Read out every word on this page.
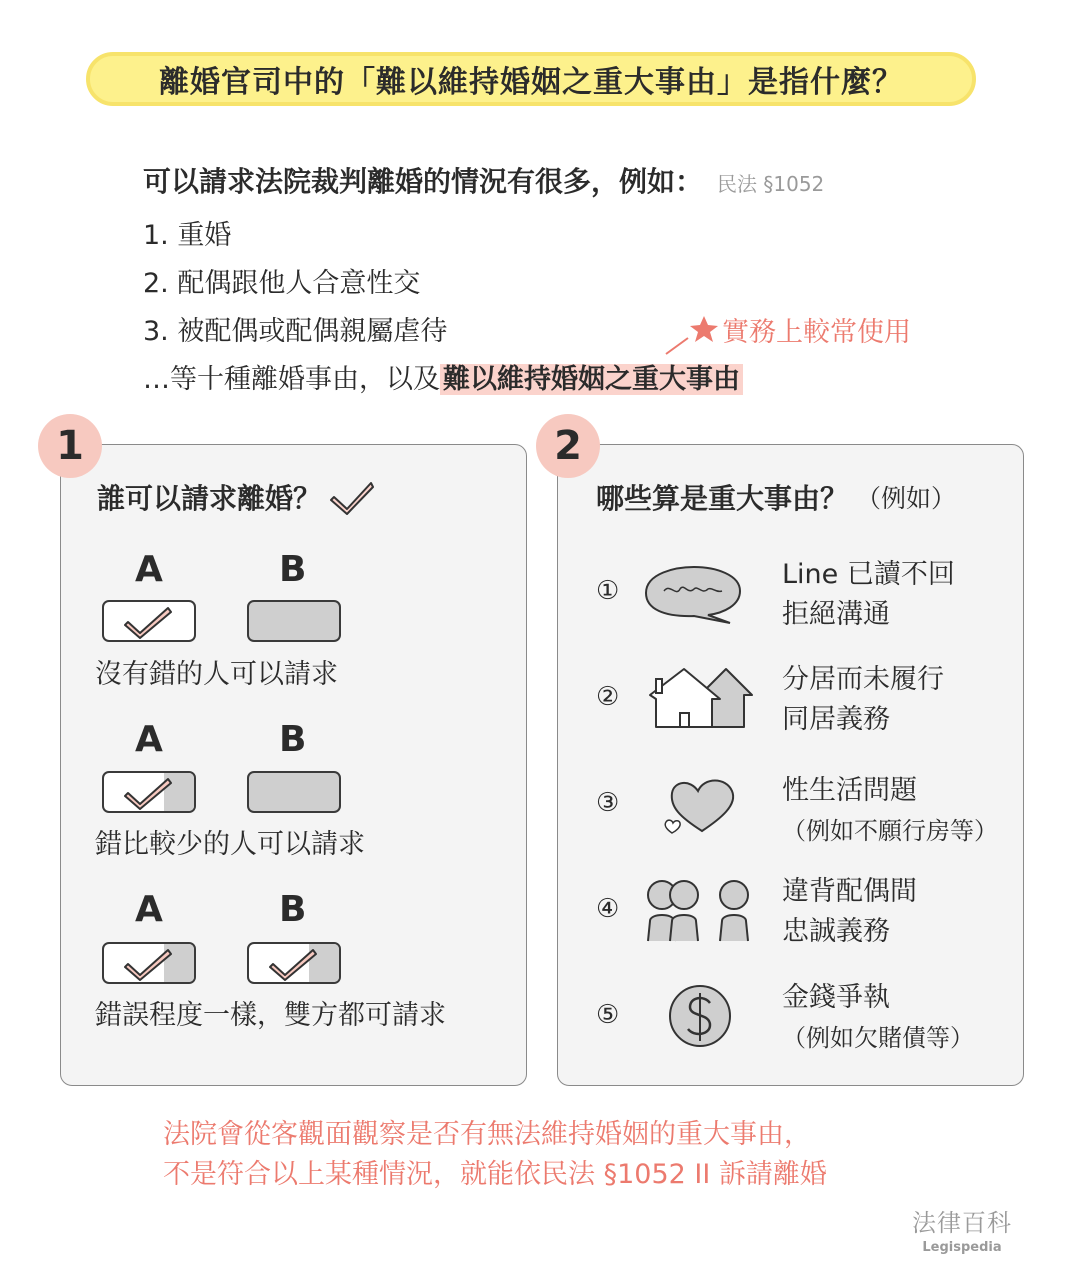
離婚官司中的「難以維持婚姻之重大事由」是指什麼？
可以請求法院裁判離婚的情況有很多，例如： 民法 §1052
1. 重婚
2. 配偶跟他人合意性交
3. 被配偶或配偶親屬虐待
…等十種離婚事由，以及 難以維持婚姻之重大事由
實務上較常使用
誰可以請求離婚？
A	B
沒有錯的人可以請求
A	B
錯比較少的人可以請求
A	B
錯誤程度一樣，雙方都可請求
1
哪些算是重大事由？ （例如）
①
Line 已讀不回
拒絕溝通
②
分居而未履行
同居義務
③	性生活問題
（例如不願行房等）
④
違背配偶間
忠誠義務
⑤
金錢爭執
（例如欠賭債等）
2
法院會從客觀面觀察是否有無法維持婚姻的重大事由，
不是符合以上某種情況，就能依民法 §1052 II 訴請離婚
法律百科
Legispedia
